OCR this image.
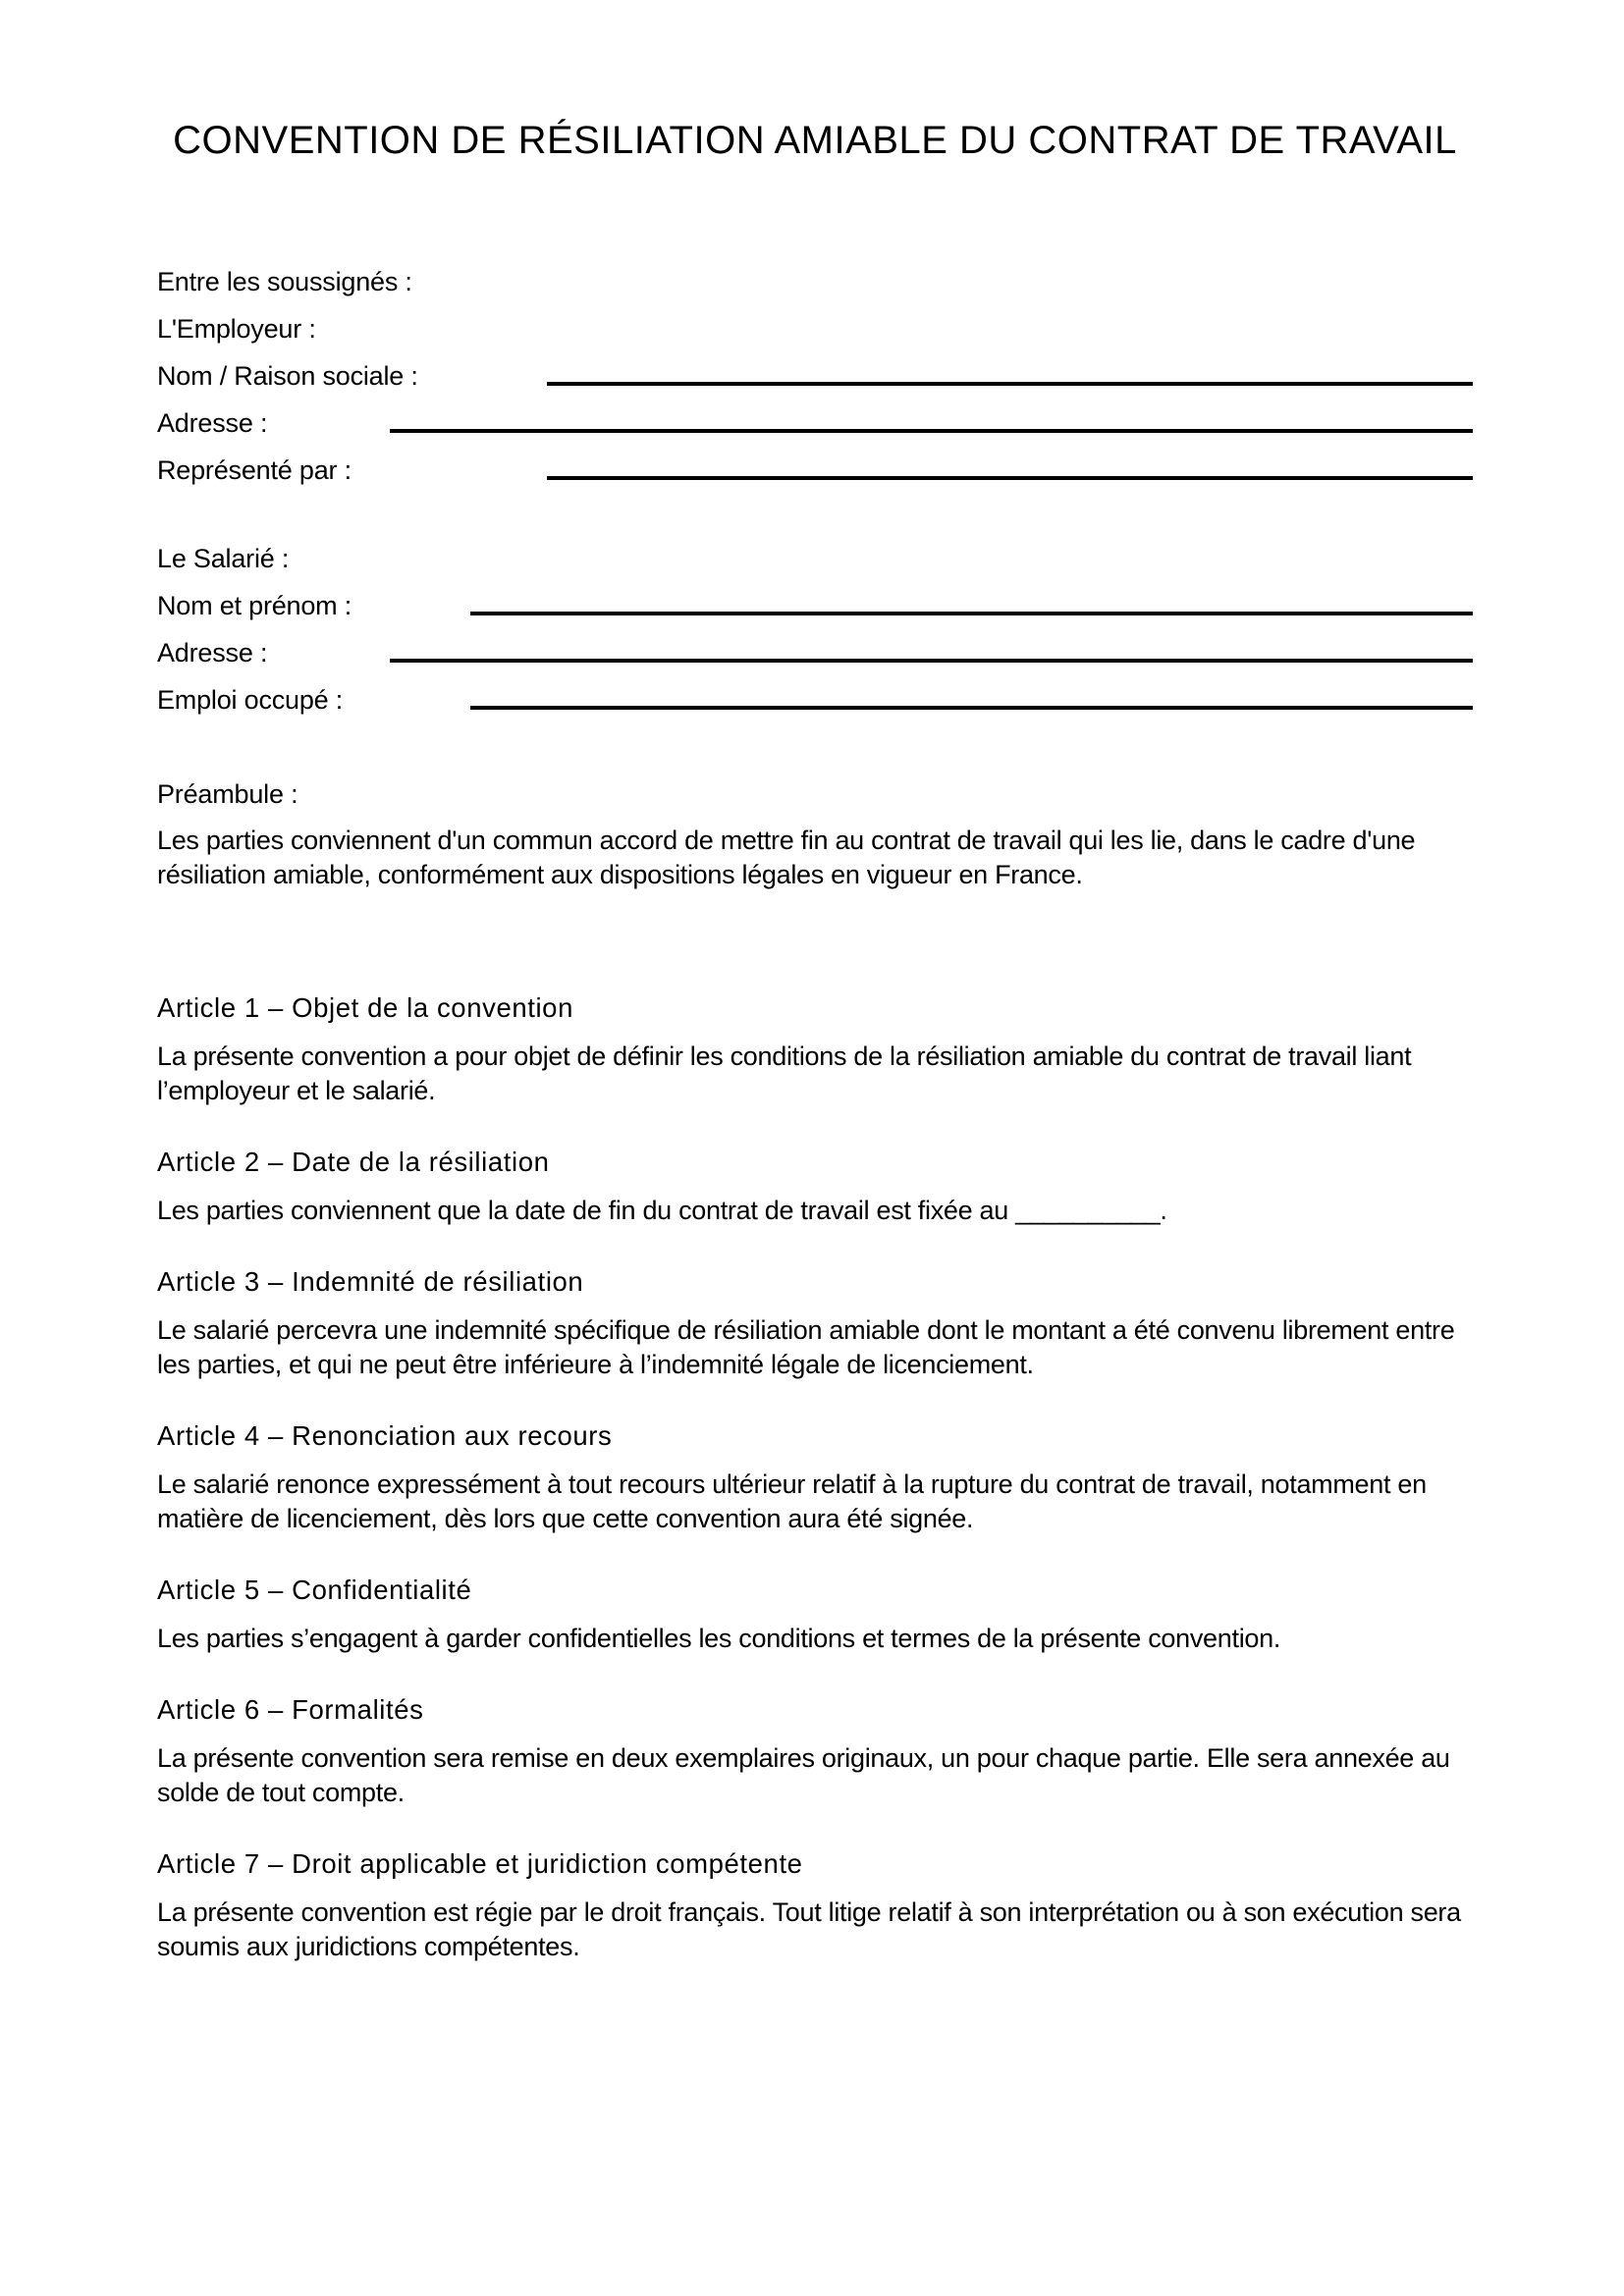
CONVENTION DE RÉSILIATION AMIABLE DU CONTRAT DE TRAVAIL
Entre les soussignés :
L'Employeur :
Nom / Raison sociale :
Adresse :
Représenté par :
Le Salarié :
Nom et prénom :
Adresse :
Emploi occupé :
Préambule :

Les parties conviennent d'un commun accord de mettre fin au contrat de travail qui les lie, dans le cadre d'une résiliation amiable, conformément aux dispositions légales en vigueur en France.

Article 1 – Objet de la convention

La présente convention a pour objet de définir les conditions de la résiliation amiable du contrat de travail liant l’employeur et le salarié.

Article 2 – Date de la résiliation

Les parties conviennent que la date de fin du contrat de travail est fixée au __________.

Article 3 – Indemnité de résiliation

Le salarié percevra une indemnité spécifique de résiliation amiable dont le montant a été convenu librement entre les parties, et qui ne peut être inférieure à l’indemnité légale de licenciement.

Article 4 – Renonciation aux recours

Le salarié renonce expressément à tout recours ultérieur relatif à la rupture du contrat de travail, notamment en matière de licenciement, dès lors que cette convention aura été signée.

Article 5 – Confidentialité

Les parties s’engagent à garder confidentielles les conditions et termes de la présente convention.

Article 6 – Formalités

La présente convention sera remise en deux exemplaires originaux, un pour chaque partie. Elle sera annexée au solde de tout compte.

Article 7 – Droit applicable et juridiction compétente

La présente convention est régie par le droit français. Tout litige relatif à son interprétation ou à son exécution sera soumis aux juridictions compétentes.
